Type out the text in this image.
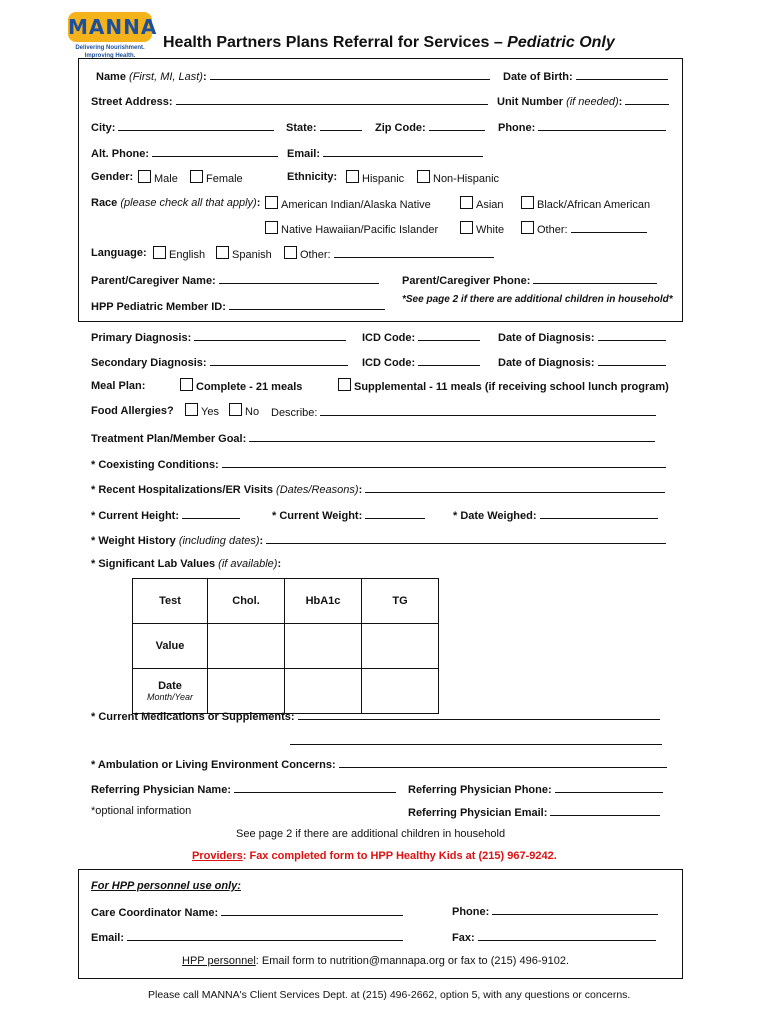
MANNA
Delivering Nourishment.
Improving Health.
Health Partners Plans Referral for Services – Pediatric Only
Name (First, MI, Last):	Date of Birth:
Street Address:	Unit Number (if needed):
City:	State:	Zip Code:	Phone:
Alt. Phone:	Email:
Gender:	Male	Female	Ethnicity:	Hispanic	Non-Hispanic
Race (please check all that apply):	American Indian/Alaska Native	Asian	Black/African American
Native Hawaiian/Pacific Islander	White	Other:
Language:	English	Spanish	Other:
Parent/Caregiver Name:	Parent/Caregiver Phone:
HPP Pediatric Member ID:
*See page 2 if there are additional children in household*
Primary Diagnosis:	ICD Code:	Date of Diagnosis:
Secondary Diagnosis:	ICD Code:	Date of Diagnosis:
Meal Plan:	Complete - 21 meals	Supplemental - 11 meals (if receiving school lunch program)
Food Allergies?	Yes	No Describe:
Treatment Plan/Member Goal:
* Coexisting Conditions:
* Recent Hospitalizations/ER Visits (Dates/Reasons):
* Current Height:	* Current Weight:	* Date Weighed:
* Weight History (including dates):
* Significant Lab Values (if available):
Test	Chol.	HbA1c	TG
Value			
Date
Month/Year			

* Current Medications or Supplements:
* Ambulation or Living Environment Concerns:
Referring Physician Name:	Referring Physician Phone:
*optional information	Referring Physician Email:
See page 2 if there are additional children in household
Providers: Fax completed form to HPP Healthy Kids at (215) 967-9242.
For HPP personnel use only:
Care Coordinator Name:	Phone:
Email:	Fax:
HPP personnel: Email form to nutrition@mannapa.org or fax to (215) 496-9102.
Please call MANNA's Client Services Dept. at (215) 496-2662, option 5, with any questions or concerns.
